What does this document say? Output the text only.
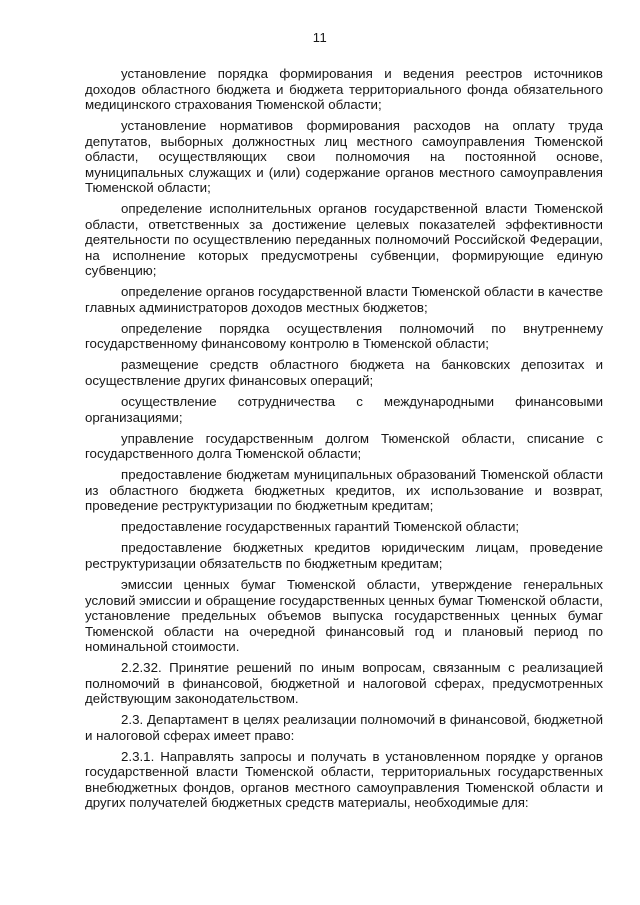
11

установление порядка формирования и ведения реестров источников доходов областного бюджета и бюджета территориального фонда обязательного медицинского страхования Тюменской области;

установление нормативов формирования расходов на оплату труда депутатов, выборных должностных лиц местного самоуправления Тюменской области, осуществляющих свои полномочия на постоянной основе, муниципальных служащих и (или) содержание органов местного самоуправления Тюменской области;

определение исполнительных органов государственной власти Тюменской области, ответственных за достижение целевых показателей эффективности деятельности по осуществлению переданных полномочий Российской Федерации, на исполнение которых предусмотрены субвенции, формирующие единую субвенцию;

определение органов государственной власти Тюменской области в качестве главных администраторов доходов местных бюджетов;

определение порядка осуществления полномочий по внутреннему государственному финансовому контролю в Тюменской области;

размещение средств областного бюджета на банковских депозитах и осуществление других финансовых операций;

осуществление сотрудничества с международными финансовыми организациями;

управление государственным долгом Тюменской области, списание с государственного долга Тюменской области;

предоставление бюджетам муниципальных образований Тюменской области из областного бюджета бюджетных кредитов, их использование и возврат, проведение реструктуризации по бюджетным кредитам;

предоставление государственных гарантий Тюменской области;

предоставление бюджетных кредитов юридическим лицам, проведение реструктуризации обязательств по бюджетным кредитам;

эмиссии ценных бумаг Тюменской области, утверждение генеральных условий эмиссии и обращение государственных ценных бумаг Тюменской области, установление предельных объемов выпуска государственных ценных бумаг Тюменской области на очередной финансовый год и плановый период по номинальной стоимости.

2.2.32. Принятие решений по иным вопросам, связанным с реализацией полномочий в финансовой, бюджетной и налоговой сферах, предусмотренных действующим законодательством.

2.3. Департамент в целях реализации полномочий в финансовой, бюджетной и налоговой сферах имеет право:

2.3.1. Направлять запросы и получать в установленном порядке у органов государственной власти Тюменской области, территориальных государственных внебюджетных фондов, органов местного самоуправления Тюменской области и других получателей бюджетных средств материалы, необходимые для:
